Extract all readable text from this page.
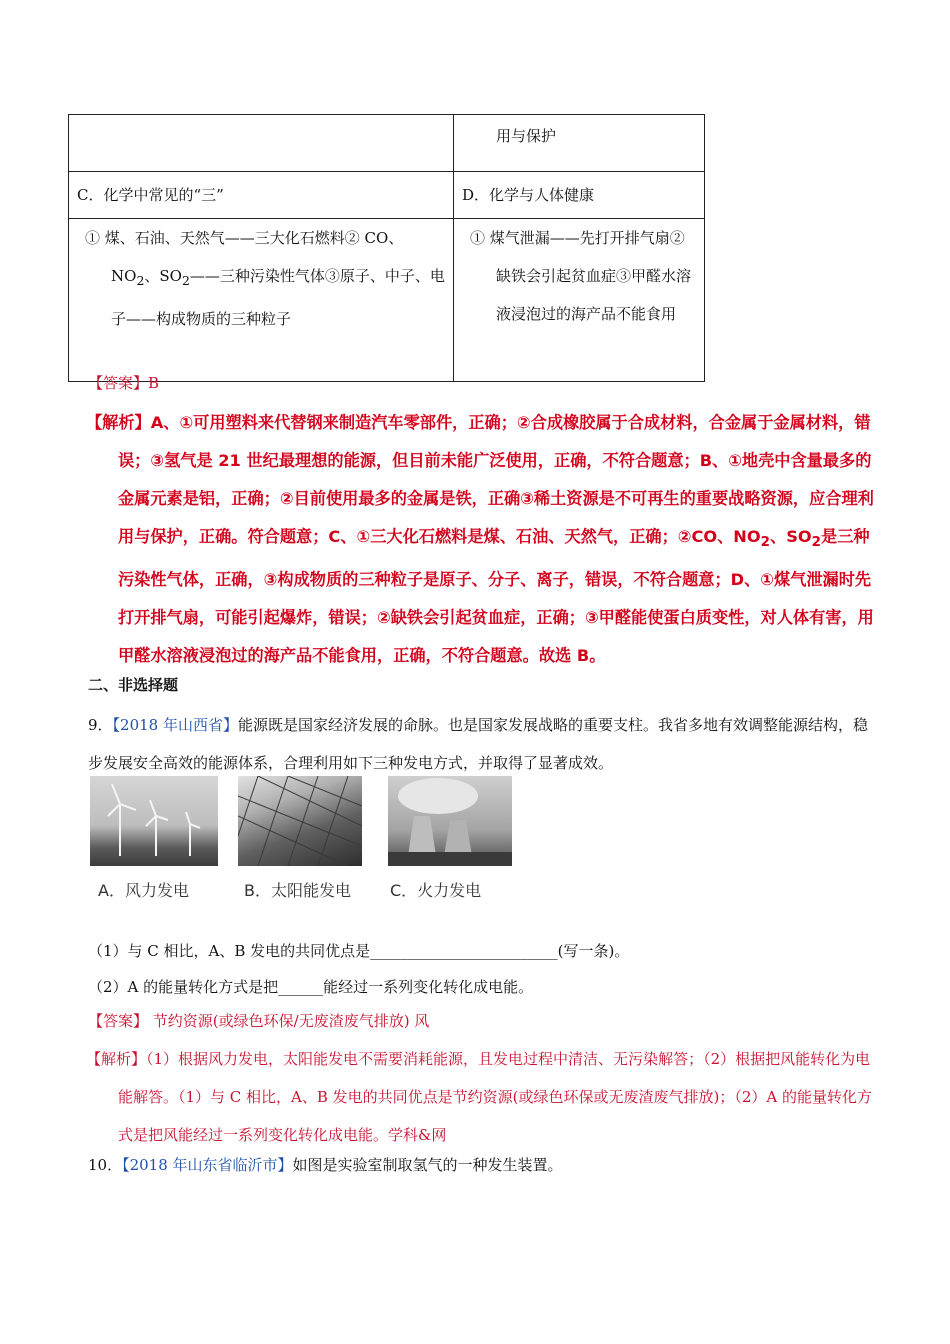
	用与保护
C．化学中常见的“三”	D．化学与人体健康

① 煤、石油、天然气——三大化石燃料② CO、$NO_2$、$SO_2——$三种污染性气体③原子、中子、电子——构成物质的三种粒子	① 煤气泄漏——先打开排气扇② 缺铁会引起贫血症③甲醛水溶液浸泡过的海产品不能食用

【答案】B

【解析】A、①可用塑料来代替钢来制造汽车零部件，正确；②合成橡胶属于合成材料，合金属于金属材料，错误；③氢气是 21 世纪最理想的能源，但目前未能广泛使用，正确，不符合题意；B、①地壳中含量最多的金属元素是铝，正确；②目前使用最多的金属是铁，正确③稀土资源是不可再生的重要战略资源，应合理利用与保护，正确。符合题意；C、①三大化石燃料是煤、石油、天然气，正确；②CO、$NO_2$、$SO_2$是三种污染性气体，正确，③构成物质的三种粒子是原子、分子、离子，错误，不符合题意；D、①煤气泄漏时先打开排气扇，可能引起爆炸，错误；②缺铁会引起贫血症，正确；③甲醛能使蛋白质变性，对人体有害，用甲醛水溶液浸泡过的海产品不能食用，正确，不符合题意。故选 B。

二、非选择题

9．【2018 年山西省】能源既是国家经济发展的命脉。也是国家发展战略的重要支柱。我省多地有效调整能源结构，稳步发展安全高效的能源体系，合理利用如下三种发电方式，并取得了显著成效。

A．风力发电	B．太阳能发电 C．火力发电
（1）与 C 相比，A、B 发电的共同优点是_________________________(写一条)。
（2）A 的能量转化方式是把______能经过一系列变化转化成电能。
【答案】 节约资源(或绿色环保/无废渣废气排放) 风

【解析】（1）根据风力发电，太阳能发电不需要消耗能源，且发电过程中清洁、无污染解答；（2）根据把风能转化为电能解答。（1）与 C 相比，A、B 发电的共同优点是节约资源(或绿色环保或无废渣废气排放)；（2）A 的能量转化方式是把风能经过一系列变化转化成电能。学科&网

10．【2018 年山东省临沂市】如图是实验室制取氢气的一种发生装置。
